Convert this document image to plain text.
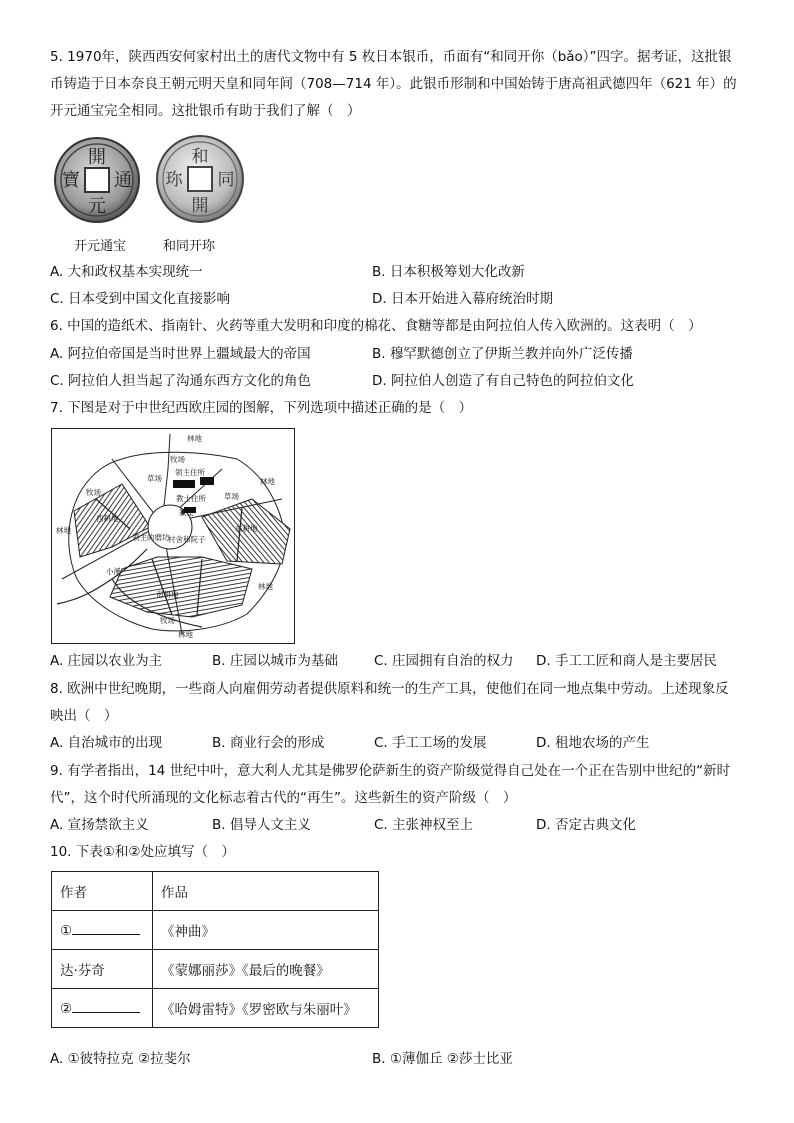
5. 1970年，陕西西安何家村出土的唐代文物中有 5 枚日本银币，币面有“和同开你（bǎo）”四字。据考证，这批银
币铸造于日本奈良王朝元明天皇和同年间（708—714 年）。此银币形制和中国始铸于唐高祖武德四年（621 年）的
开元通宝完全相同。这批银币有助于我们了解（　）
開
通
元
寶
和
同
開
珎
开元通宝	和同开珎
A. 大和政权基本实现统一	B. 日本积极筹划大化改新
C. 日本受到中国文化直接影响	D. 日本开始进入幕府统治时期
6. 中国的造纸术、指南针、火药等重大发明和印度的棉花、食糖等都是由阿拉伯人传入欧洲的。这表明（　）
A. 阿拉伯帝国是当时世界上疆域最大的帝国	B. 穆罕默德创立了伊斯兰教并向外广泛传播
C. 阿拉伯人担当起了沟通东西方文化的角色	D. 阿拉伯人创造了有自己特色的阿拉伯文化
7. 下图是对于中世纪西欧庄园的图解，下列选项中描述正确的是（　）
林地
牧场
领主住所
教士住所
教堂
林地
草场
草场
牧场
西耕地
林地	东耕地
领主的磨坊
村舍和院子
小溪
林地
南耕地
牧场
林地
A. 庄园以农业为主	B. 庄园以城市为基础	C. 庄园拥有自治的权力 D. 手工工匠和商人是主要居民
8. 欧洲中世纪晚期，一些商人向雇佣劳动者提供原料和统一的生产工具，使他们在同一地点集中劳动。上述现象反
映出（　）
A. 自治城市的出现	B. 商业行会的形成	C. 手工工场的发展	D. 租地农场的产生
9. 有学者指出，14 世纪中叶，意大利人尤其是佛罗伦萨新生的资产阶级觉得自己处在一个正在告别中世纪的“新时
代”，这个时代所涌现的文化标志着古代的“再生”。这些新生的资产阶级（　）
A. 宣扬禁欲主义	B. 倡导人文主义	C. 主张神权至上	D. 否定古典文化
10. 下表①和②处应填写（　）
作者	作品
①	《神曲》
达·芬奇	《蒙娜丽莎》《最后的晚餐》
②	《哈姆雷特》《罗密欧与朱丽叶》
A. ①彼特拉克 ②拉斐尔	B. ①薄伽丘 ②莎士比亚
